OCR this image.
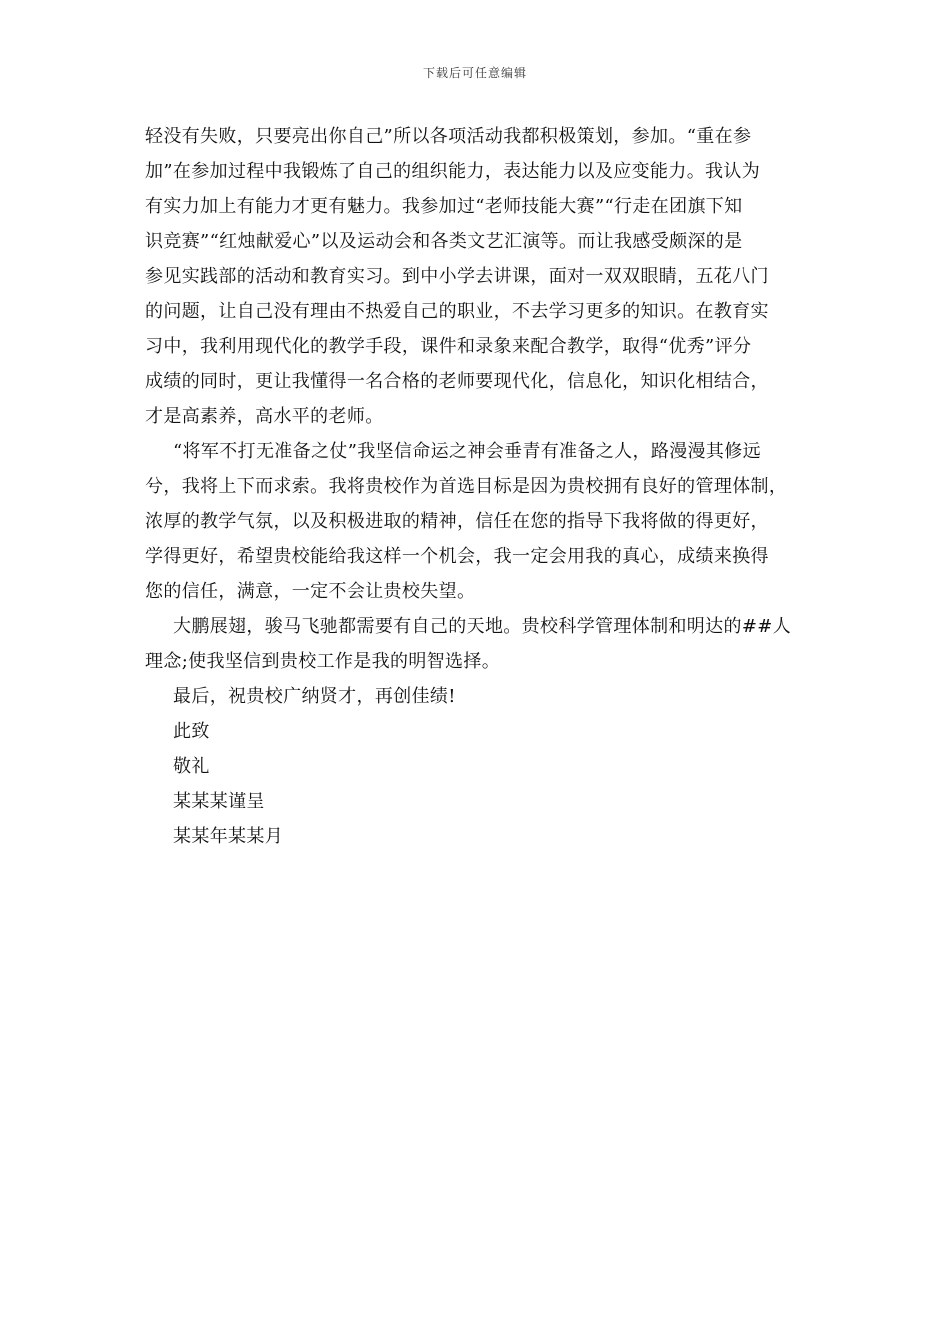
下载后可任意编辑
轻没有失败，只要亮出你自己”所以各项活动我都积极策划，参加。“重在参
加”在参加过程中我锻炼了自己的组织能力，表达能力以及应变能力。我认为
有实力加上有能力才更有魅力。我参加过“老师技能大赛”“行走在团旗下知
识竞赛”“红烛献爱心”以及运动会和各类文艺汇演等。而让我感受颇深的是
参见实践部的活动和教育实习。到中小学去讲课，面对一双双眼睛，五花八门
的问题，让自己没有理由不热爱自己的职业，不去学习更多的知识。在教育实
习中，我利用现代化的教学手段，课件和录象来配合教学，取得“优秀”评分
成绩的同时，更让我懂得一名合格的老师要现代化，信息化，知识化相结合，
才是高素养，高水平的老师。
“将军不打无准备之仗”我坚信命运之神会垂青有准备之人，路漫漫其修远
兮，我将上下而求索。我将贵校作为首选目标是因为贵校拥有良好的管理体制，
浓厚的教学气氛，以及积极进取的精神，信任在您的指导下我将做的得更好，
学得更好，希望贵校能给我这样一个机会，我一定会用我的真心，成绩来换得
您的信任，满意，一定不会让贵校失望。
大鹏展翅，骏马飞驰都需要有自己的天地。贵校科学管理体制和明达的##人
理念;使我坚信到贵校工作是我的明智选择。
最后，祝贵校广纳贤才，再创佳绩!
此致
敬礼
某某某谨呈
某某年某某月
